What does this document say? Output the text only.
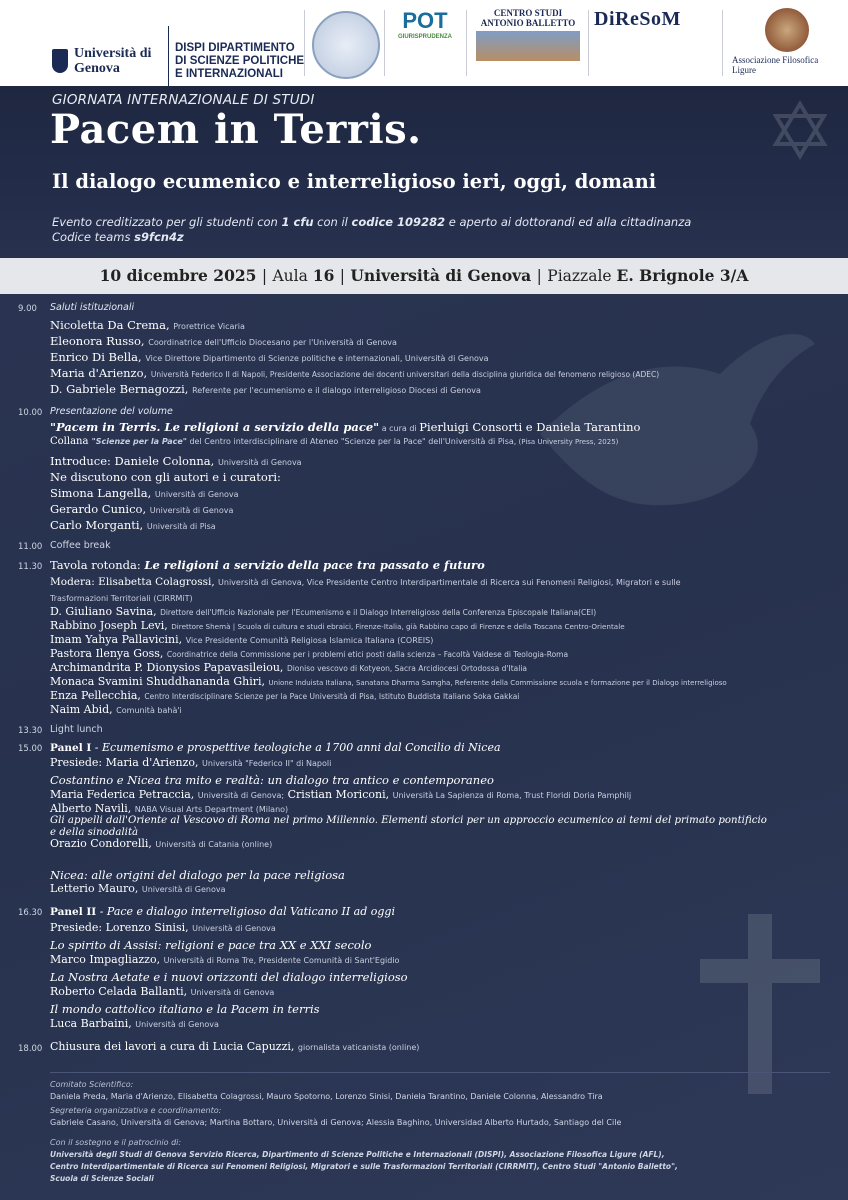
Università di Genova
DISPI DIPARTIMENTO DI SCIENZE POLITICHE E INTERNAZIONALI
POT
GIURISPRUDENZA
CENTRO STUDI ANTONIO BALLETTO DiReSoM
Associazione Filosofica Ligure
GIORNATA INTERNAZIONALE DI STUDI
Pacem in Terris.
Il dialogo ecumenico e interreligioso ieri, oggi, domani
Evento creditizzato per gli studenti con 1 cfu con il codice 109282 e aperto ai dottorandi ed alla cittadinanza
Codice teams s9fcn4z
10 dicembre 2025 | Aula 16 | Università di Genova | Piazzale E. Brignole 3/A
9.00 Saluti istituzionali
Nicoletta Da Crema, Prorettrice Vicaria
Eleonora Russo, Coordinatrice dell'Ufficio Diocesano per l'Università di Genova
Enrico Di Bella, Vice Direttore Dipartimento di Scienze politiche e internazionali, Università di Genova
Maria d'Arienzo, Università Federico II di Napoli, Presidente Associazione dei docenti universitari della disciplina giuridica del fenomeno religioso (ADEC)
D. Gabriele Bernagozzi, Referente per l'ecumenismo e il dialogo interreligioso Diocesi di Genova
10.00 Presentazione del volume
"Pacem in Terris. Le religioni a servizio della pace" a cura di Pierluigi Consorti e Daniela Tarantino
Collana "Scienze per la Pace" del Centro interdisciplinare di Ateneo "Scienze per la Pace" dell'Università di Pisa, (Pisa University Press, 2025)
Introduce: Daniele Colonna, Università di Genova
Ne discutono con gli autori e i curatori:
Simona Langella, Università di Genova
Gerardo Cunico, Università di Genova
Carlo Morganti, Università di Pisa
11.00 Coffee break
11.30 Tavola rotonda: Le religioni a servizio della pace tra passato e futuro
Modera: Elisabetta Colagrossi, Università di Genova, Vice Presidente Centro Interdipartimentale di Ricerca sui Fenomeni Religiosi, Migratori e sulle
Trasformazioni Territoriali (CIRRMiT)
D. Giuliano Savina, Direttore dell'Ufficio Nazionale per l'Ecumenismo e il Dialogo Interreligioso della Conferenza Episcopale Italiana(CEI)
Rabbino Joseph Levi, Direttore Shemà | Scuola di cultura e studi ebraici, Firenze-Italia, già Rabbino capo di Firenze e della Toscana Centro-Orientale
Imam Yahya Pallavicini, Vice Presidente Comunità Religiosa Islamica Italiana (COREIS)
Pastora Ilenya Goss, Coordinatrice della Commissione per i problemi etici posti dalla scienza – Facoltà Valdese di Teologia-Roma
Archimandrita P. Dionysios Papavasileiou, Dioniso vescovo di Kotyeon, Sacra Arcidiocesi Ortodossa d'Italia
Monaca Svamini Shuddhananda Ghiri, Unione Induista Italiana, Sanatana Dharma Samgha, Referente della Commissione scuola e formazione per il Dialogo interreligioso
Enza Pellecchia, Centro Interdisciplinare Scienze per la Pace Università di Pisa, Istituto Buddista Italiano Soka Gakkai
Naim Abid, Comunità bahà'i
13.30 Light lunch
15.00 Panel I - Ecumenismo e prospettive teologiche a 1700 anni dal Concilio di Nicea
Presiede: Maria d'Arienzo, Università "Federico II" di Napoli
Costantino e Nicea tra mito e realtà: un dialogo tra antico e contemporaneo
Maria Federica Petraccia, Università di Genova; Cristian Moriconi, Università La Sapienza di Roma, Trust Floridi Doria Pamphilj
Alberto Navili, NABA Visual Arts Department (Milano)
Gli appelli dall'Oriente al Vescovo di Roma nel primo Millennio. Elementi storici per un approccio ecumenico ai temi del primato pontificio
e della sinodalità
Orazio Condorelli, Università di Catania (online)
Nicea: alle origini del dialogo per la pace religiosa
Letterio Mauro, Università di Genova
16.30 Panel II - Pace e dialogo interreligioso dal Vaticano II ad oggi
Presiede: Lorenzo Sinisi, Università di Genova
Lo spirito di Assisi: religioni e pace tra XX e XXI secolo
Marco Impagliazzo, Università di Roma Tre, Presidente Comunità di Sant'Egidio
La Nostra Aetate e i nuovi orizzonti del dialogo interreligioso
Roberto Celada Ballanti, Università di Genova
Il mondo cattolico italiano e la Pacem in terris
Luca Barbaini, Università di Genova
18.00 Chiusura dei lavori a cura di Lucia Capuzzi, giornalista vaticanista (online)
Comitato Scientifico:
Daniela Preda, Maria d'Arienzo, Elisabetta Colagrossi, Mauro Spotorno, Lorenzo Sinisi, Daniela Tarantino, Daniele Colonna, Alessandro Tira
Segreteria organizzativa e coordinamento:
Gabriele Casano, Università di Genova; Martina Bottaro, Università di Genova; Alessia Baghino, Universidad Alberto Hurtado, Santiago del Cile
Con il sostegno e il patrocinio di:
Università degli Studi di Genova Servizio Ricerca, Dipartimento di Scienze Politiche e Internazionali (DISPI), Associazione Filosofica Ligure (AFL),
Centro Interdipartimentale di Ricerca sui Fenomeni Religiosi, Migratori e sulle Trasformazioni Territoriali (CIRRMiT), Centro Studi "Antonio Balletto",
Scuola di Scienze Sociali
